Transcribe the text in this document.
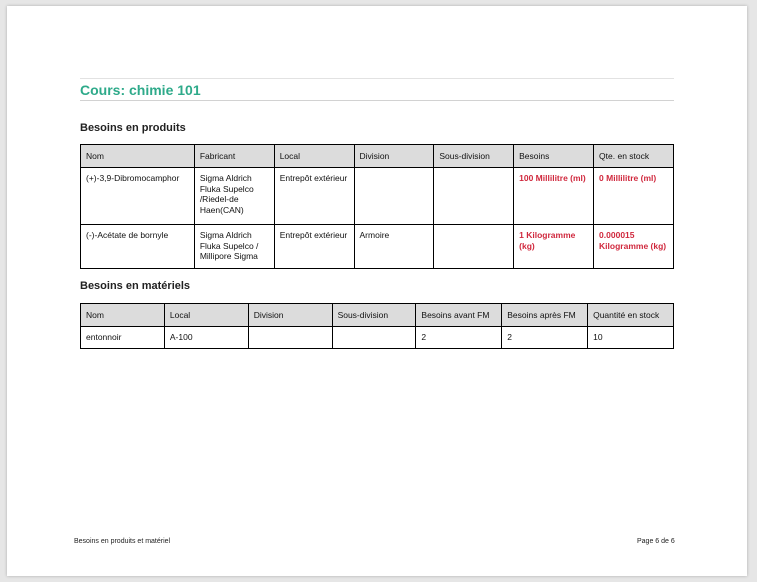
Cours: chimie 101
Besoins en produits
Nom	Fabricant	Local	Division	Sous-division	Besoins	Qte. en stock
(+)-3,9-Dibromocamphor	Sigma Aldrich Fluka Supelco /Riedel-de Haen(CAN)	Entrepôt extérieur			100 Millilitre (ml)	0 Millilitre (ml)
(-)-Acétate de bornyle	Sigma Aldrich Fluka Supelco / Millipore Sigma	Entrepôt extérieur	Armoire		1 Kilogramme (kg)	0.000015 Kilogramme (kg)
Besoins en matériels
Nom	Local	Division	Sous-division	Besoins avant FM	Besoins après FM	Quantité en stock
entonnoir	A-100			2	2	10
Besoins en produits et matériel	Page 6 de 6
